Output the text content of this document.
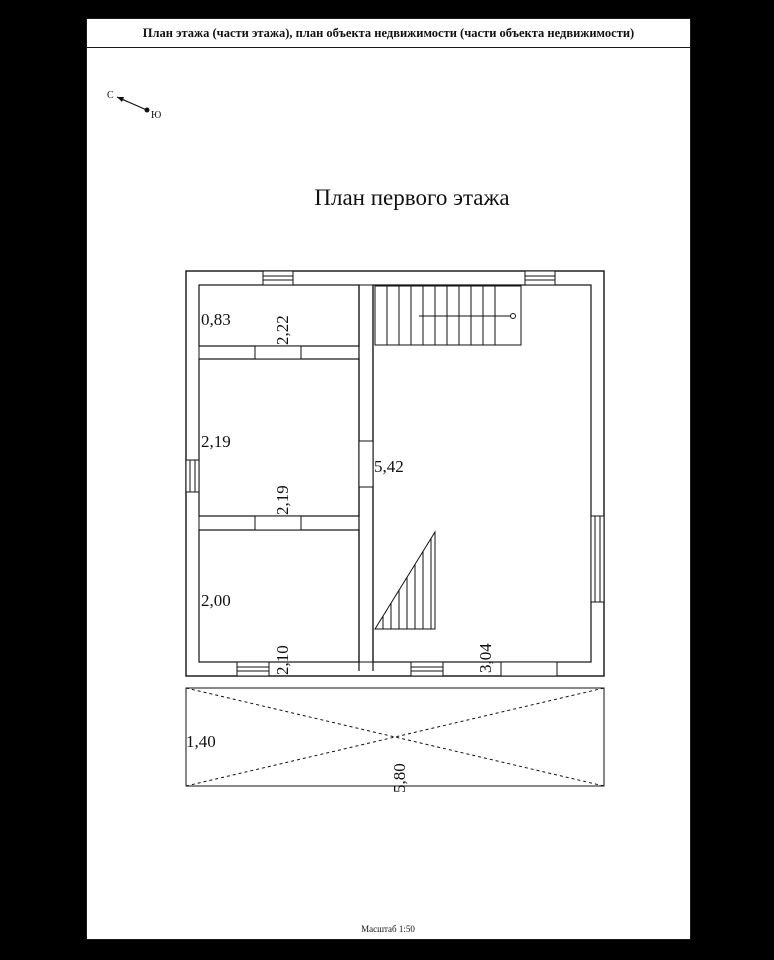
План этажа (части этажа), план объекта недвижимости (части объекта недвижимости)
С
Ю
План первого этажа
0,83 2,22
2,19
2,19
5,42
2,00
2,10	3,04
1,40
5,80
Масштаб 1:50
